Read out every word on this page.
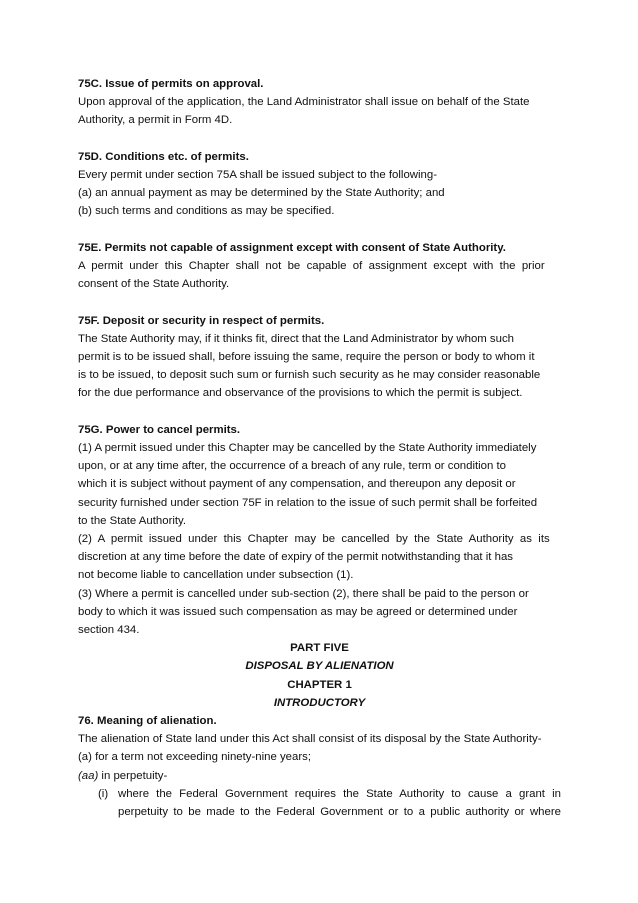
75C. Issue of permits on approval.

Upon approval of the application, the Land Administrator shall issue on behalf of the State

Authority, a permit in Form 4D.

75D. Conditions etc. of permits.

Every permit under section 75A shall be issued subject to the following-

(a) an annual payment as may be determined by the State Authority; and

(b) such terms and conditions as may be specified.

75E. Permits not capable of assignment except with consent of State Authority.

A  permit  under  this  Chapter  shall  not  be  capable  of  assignment  except  with  the  prior

consent of the State Authority.

75F. Deposit or security in respect of permits.

The State Authority may, if it thinks fit, direct that the Land Administrator by whom such

permit is to be issued shall, before issuing the same, require the person or body to whom it

is to be issued, to deposit such sum or furnish such security as he may consider reasonable

for the due performance and observance of the provisions to which the permit is subject.

75G. Power to cancel permits.

(1) A permit issued under this Chapter may be cancelled by the State Authority immediately

upon, or at any time after, the occurrence of a breach of any rule, term or condition to

which it is subject without payment of any compensation, and thereupon any deposit or

security furnished under section 75F in relation to the issue of such permit shall be forfeited

to the State Authority.

(2)  A  permit  issued  under  this  Chapter  may  be  cancelled  by  the  State  Authority  as  its

discretion at any time before the date of expiry of the permit notwithstanding that it has

not become liable to cancellation under subsection (1).

(3) Where a permit is cancelled under sub-section (2), there shall be paid to the person or

body to which it was issued such compensation as may be agreed or determined under

section 434.

PART FIVE

DISPOSAL BY ALIENATION

CHAPTER 1

INTRODUCTORY

76. Meaning of alienation.

The alienation of State land under this Act shall consist of its disposal by the State Authority-

(a) for a term not exceeding ninety-nine years;

(aa) in perpetuity-

(i) where the Federal Government requires the State Authority to cause a grant in
perpetuity to be made to the Federal Government or to a public authority or where
